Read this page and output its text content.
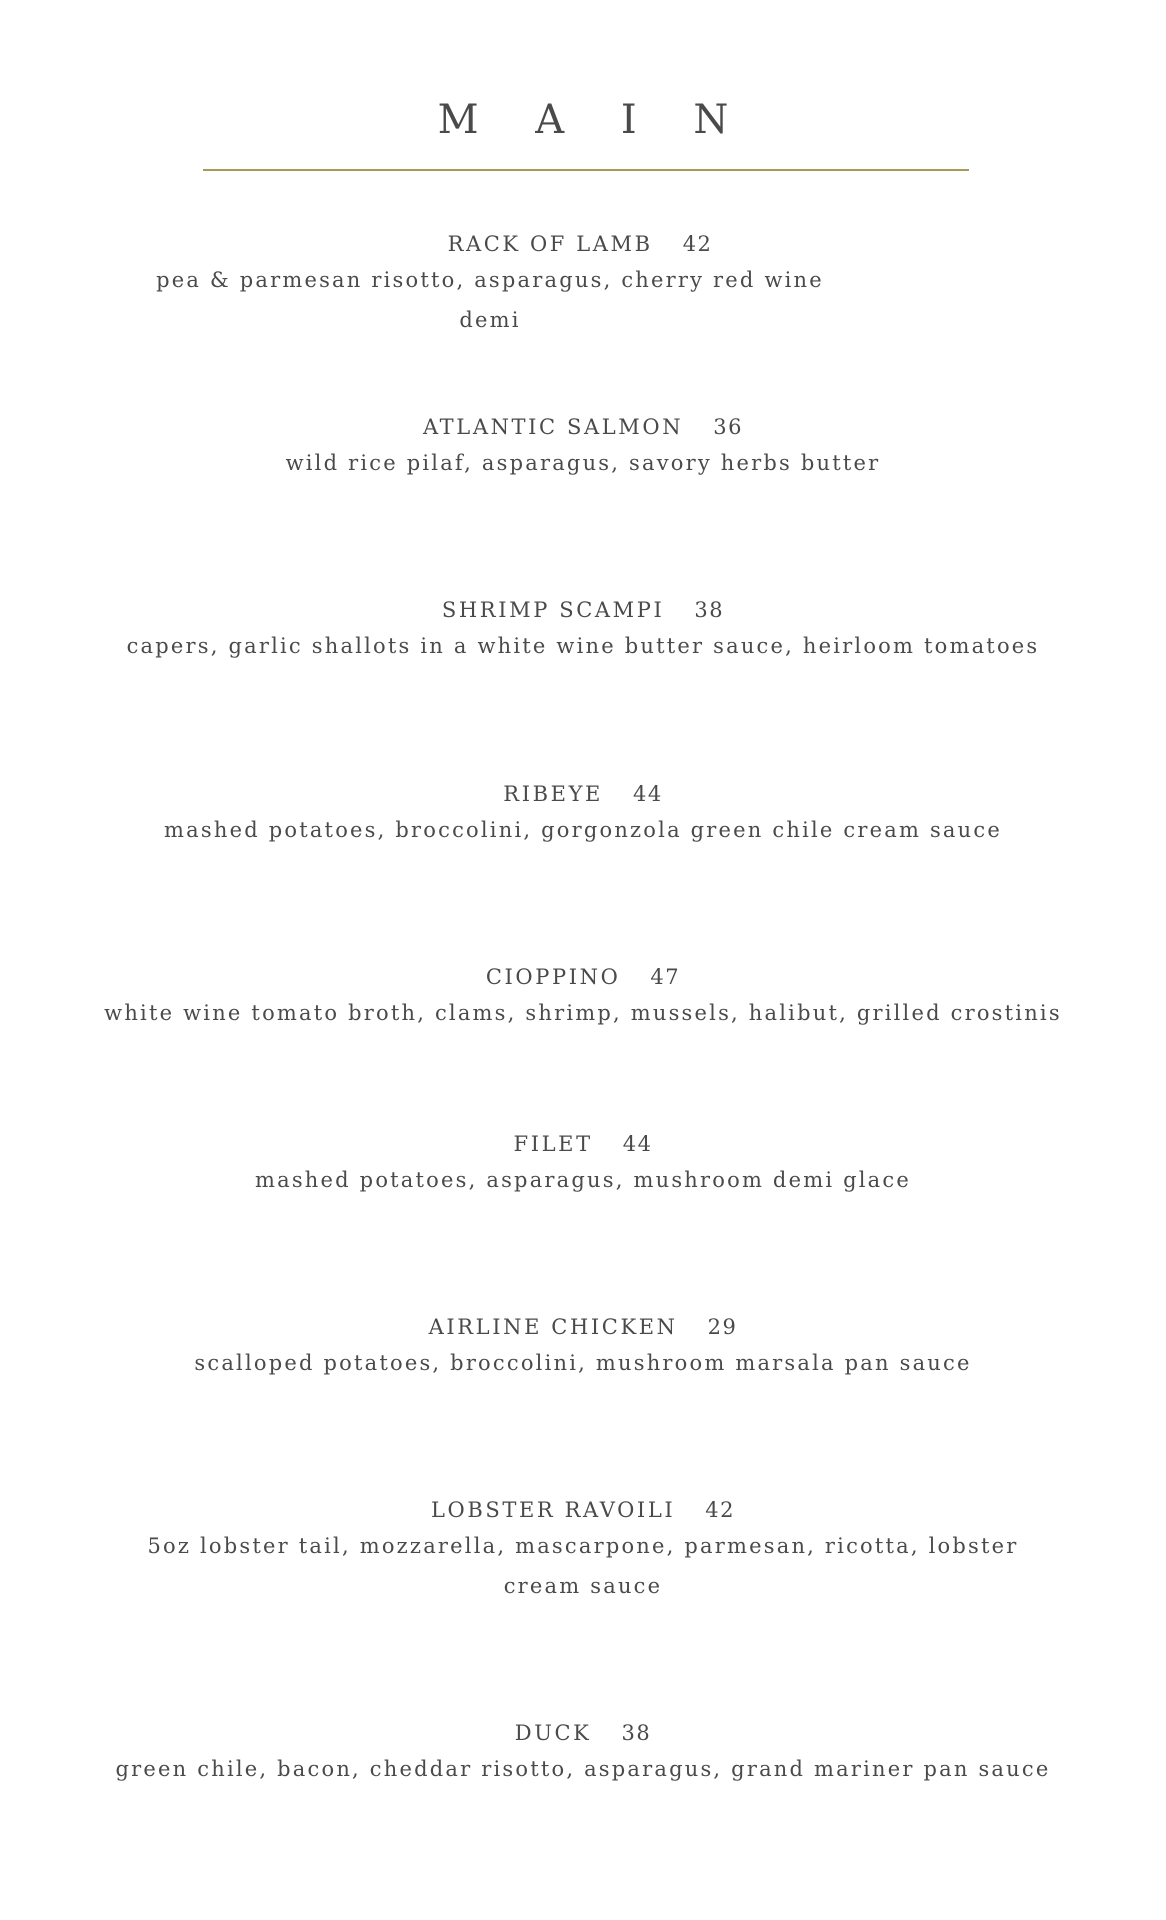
M A I N
RACK OF LAMB 42
pea & parmesan risotto, asparagus, cherry red wine demi
ATLANTIC SALMON 36
wild rice pilaf, asparagus, savory herbs butter
SHRIMP SCAMPI 38
capers, garlic shallots in a white wine butter sauce, heirloom tomatoes
RIBEYE 44
mashed potatoes, broccolini, gorgonzola green chile cream sauce
CIOPPINO 47
white wine tomato broth, clams, shrimp, mussels, halibut, grilled crostinis
FILET 44
mashed potatoes, asparagus, mushroom demi glace
AIRLINE CHICKEN 29
scalloped potatoes, broccolini, mushroom marsala pan sauce
LOBSTER RAVOILI 42
5oz lobster tail, mozzarella, mascarpone, parmesan, ricotta, lobster cream sauce
DUCK 38
green chile, bacon, cheddar risotto, asparagus, grand mariner pan sauce
